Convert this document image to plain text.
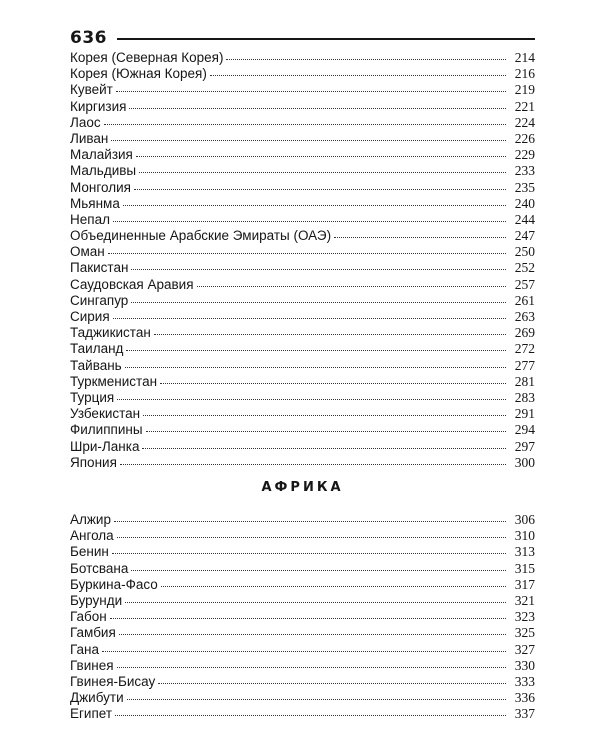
636
Корея (Северная Корея)	214
Корея (Южная Корея)	216
Кувейт	219
Киргизия	221
Лаос	224
Ливан	226
Малайзия	229
Мальдивы	233
Монголия	235
Мьянма	240
Непал	244
Объединенные Арабские Эмираты (ОАЭ)	247
Оман	250
Пакистан	252
Саудовская Аравия	257
Сингапур	261
Сирия	263
Таджикистан	269
Таиланд	272
Тайвань	277
Туркменистан	281
Турция	283
Узбекистан	291
Филиппины	294
Шри-Ланка	297
Япония	300
АФРИКА
Алжир	306
Ангола	310
Бенин	313
Ботсвана	315
Буркина-Фасо	317
Бурунди	321
Габон	323
Гамбия	325
Гана	327
Гвинея	330
Гвинея-Бисау	333
Джибути	336
Египет	337
